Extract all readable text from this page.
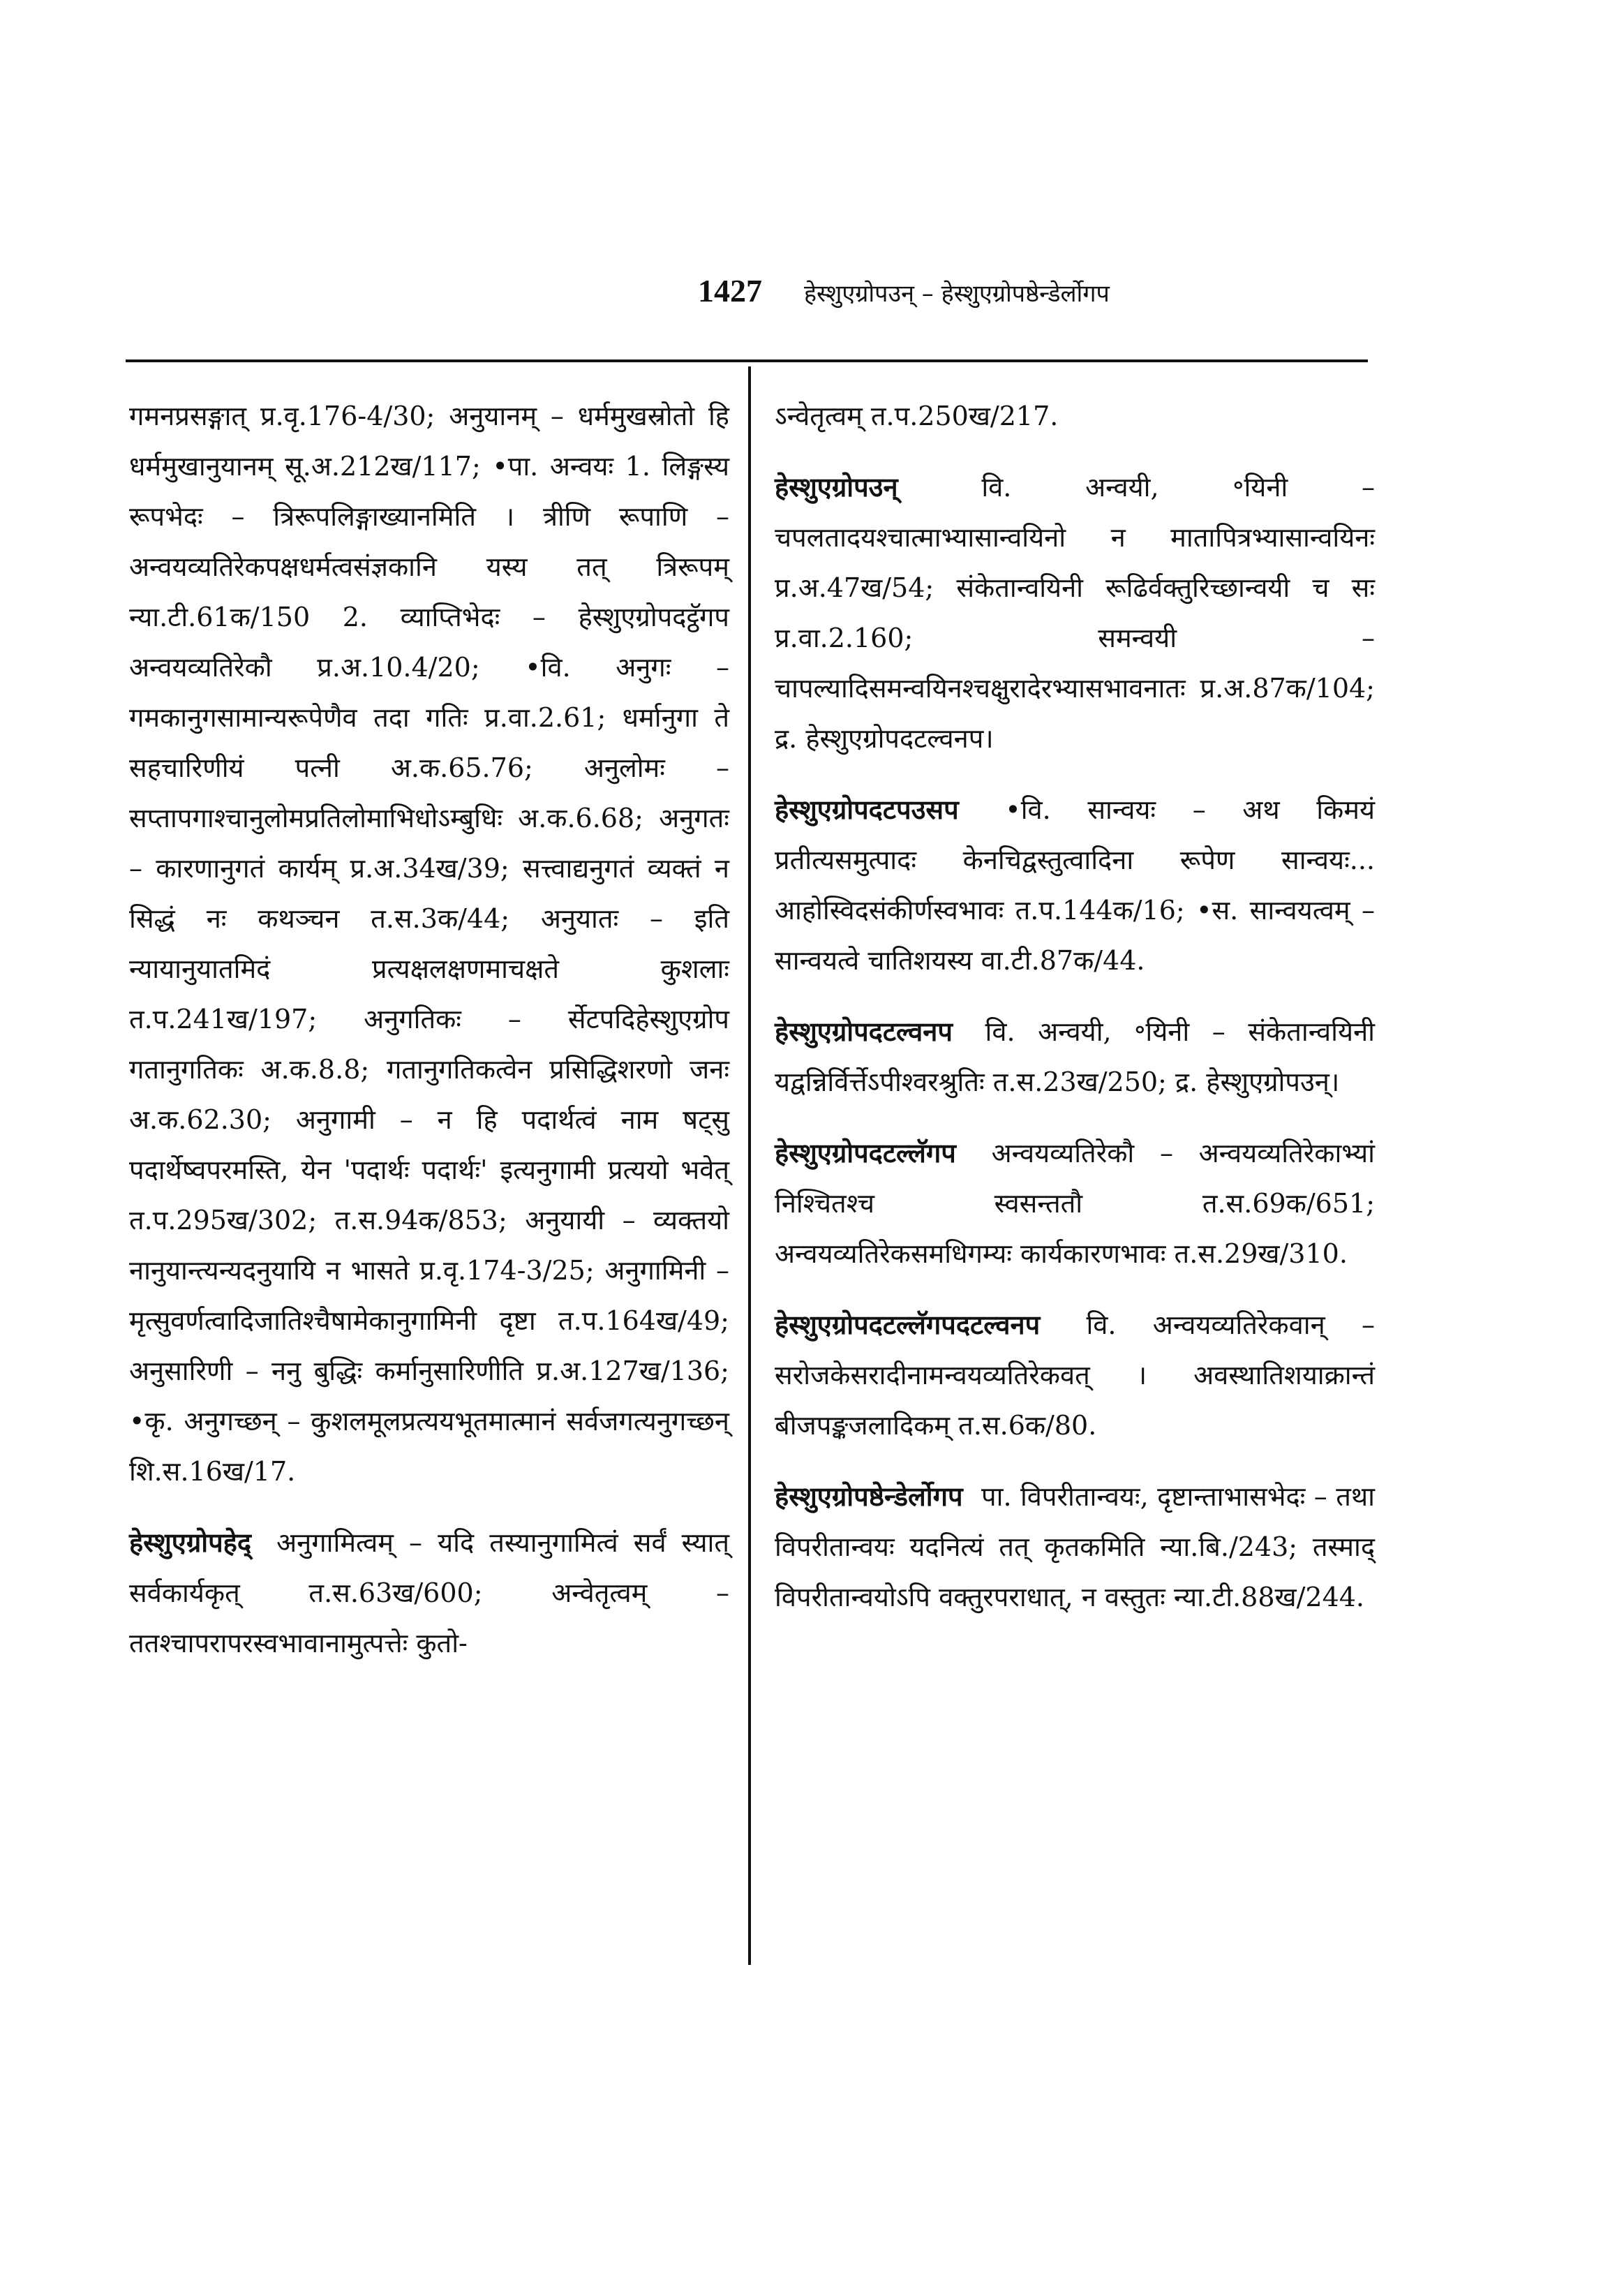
1427 हेस्शुएग्रोपउन् – हेस्शुएग्रोपष्ठेन्डेर्लोगप

गमनप्रसङ्गात् प्र.वृ.176-4/30; अनुयानम् – धर्ममुखस्रोतो हि धर्ममुखानुयानम् सू.अ.212ख/117; •पा. अन्वयः 1. लिङ्गस्य रूपभेदः – त्रिरूपलिङ्गाख्यानमिति । त्रीणि रूपाणि – अन्वयव्यतिरेकपक्षधर्मत्वसंज्ञकानि यस्य तत् त्रिरूपम् न्या.टी.61क/150 2. व्याप्तिभेदः – हेस्शुएग्रोपदट्ठॅगप अन्वयव्यतिरेकौ प्र.अ.10.4/20; •वि. अनुगः – गमकानुगसामान्यरूपेणैव तदा गतिः प्र.वा.2.61; धर्मानुगा ते सहचारिणीयं पत्नी अ.क.65.76; अनुलोमः – सप्तापगाश्चानुलोमप्रतिलोमाभिधोऽम्बुधिः अ.क.6.68; अनुगतः – कारणानुगतं कार्यम् प्र.अ.34ख/39; सत्त्वाद्यनुगतं व्यक्तं न सिद्धं नः कथञ्चन त.स.3क/44; अनुयातः – इति न्यायानुयातमिदं प्रत्यक्षलक्षणमाचक्षते कुशलाः त.प.241ख/197; अनुगतिकः – र्सेटपदिहेस्शुएग्रोप गतानुगतिकः अ.क.8.8; गतानुगतिकत्वेन प्रसिद्धिशरणो जनः अ.क.62.30; अनुगामी – न हि पदार्थत्वं नाम षट्सु पदार्थेष्वपरमस्ति, येन 'पदार्थः पदार्थः' इत्यनुगामी प्रत्ययो भवेत् त.प.295ख/302; त.स.94क/853; अनुयायी – व्यक्तयो नानुयान्त्यन्यदनुयायि न भासते प्र.वृ.174-3/25; अनुगामिनी – मृत्सुवर्णत्वादिजातिश्चैषामेकानुगामिनी दृष्टा त.प.164ख/49; अनुसारिणी – ननु बुद्धिः कर्मानुसारिणीति प्र.अ.127ख/136; •कृ. अनुगच्छन् – कुशलमूलप्रत्ययभूतमात्मानं सर्वजगत्यनुगच्छन् शि.स.16ख/17.

हेस्शुएग्रोपहेद् अनुगामित्वम् – यदि तस्यानुगामित्वं सर्वं स्यात् सर्वकार्यकृत् त.स.63ख/600; अन्वेतृत्वम् – ततश्चापरापरस्वभावानामुत्पत्तेः कुतो-

ऽन्वेतृत्वम् त.प.250ख/217.

हेस्शुएग्रोपउन्	वि. अन्वयी, ॰यिनी – चपलतादयश्चात्माभ्यासान्वयिनो न मातापित्रभ्यासान्वयिनः प्र.अ.47ख/54; संकेतान्वयिनी रूढिर्वक्तुरिच्छान्वयी च सः प्र.वा.2.160; समन्वयी – चापल्यादिसमन्वयिनश्चक्षुरादेरभ्यासभावनातः प्र.अ.87क/104; द्र. हेस्शुएग्रोपदटल्वनप।

हेस्शुएग्रोपदटपउसप •वि. सान्वयः – अथ किमयं प्रतीत्यसमुत्पादः केनचिद्वस्तुत्वादिना रूपेण सान्वयः... आहोस्विदसंकीर्णस्वभावः त.प.144क/16; •स. सान्वयत्वम् – सान्वयत्वे चातिशयस्य वा.टी.87क/44.

हेस्शुएग्रोपदटल्वनप वि. अन्वयी, ॰यिनी – संकेतान्वयिनी यद्वन्निर्विर्त्तेऽपीश्वरश्रुतिः त.स.23ख/250; द्र. हेस्शुएग्रोपउन्।

हेस्शुएग्रोपदटल्लॅगप अन्वयव्यतिरेकौ – अन्वयव्यतिरेकाभ्यां निश्चितश्च स्वसन्ततौ त.स.69क/651; अन्वयव्यतिरेकसमधिगम्यः कार्यकारणभावः त.स.29ख/310.

हेस्शुएग्रोपदटल्लॅगपदटल्वनप वि. अन्वयव्यतिरेकवान् – सरोजकेसरादीनामन्वयव्यतिरेकवत् । अवस्थातिशयाक्रान्तं बीजपङ्कजलादिकम् त.स.6क/80.

हेस्शुएग्रोपष्ठेन्डेर्लोगप पा. विपरीतान्वयः, दृष्टान्ताभासभेदः – तथा विपरीतान्वयः यदनित्यं तत् कृतकमिति न्या.बि./243; तस्माद् विपरीतान्वयोऽपि वक्तुरपराधात्, न वस्तुतः न्या.टी.88ख/244.
